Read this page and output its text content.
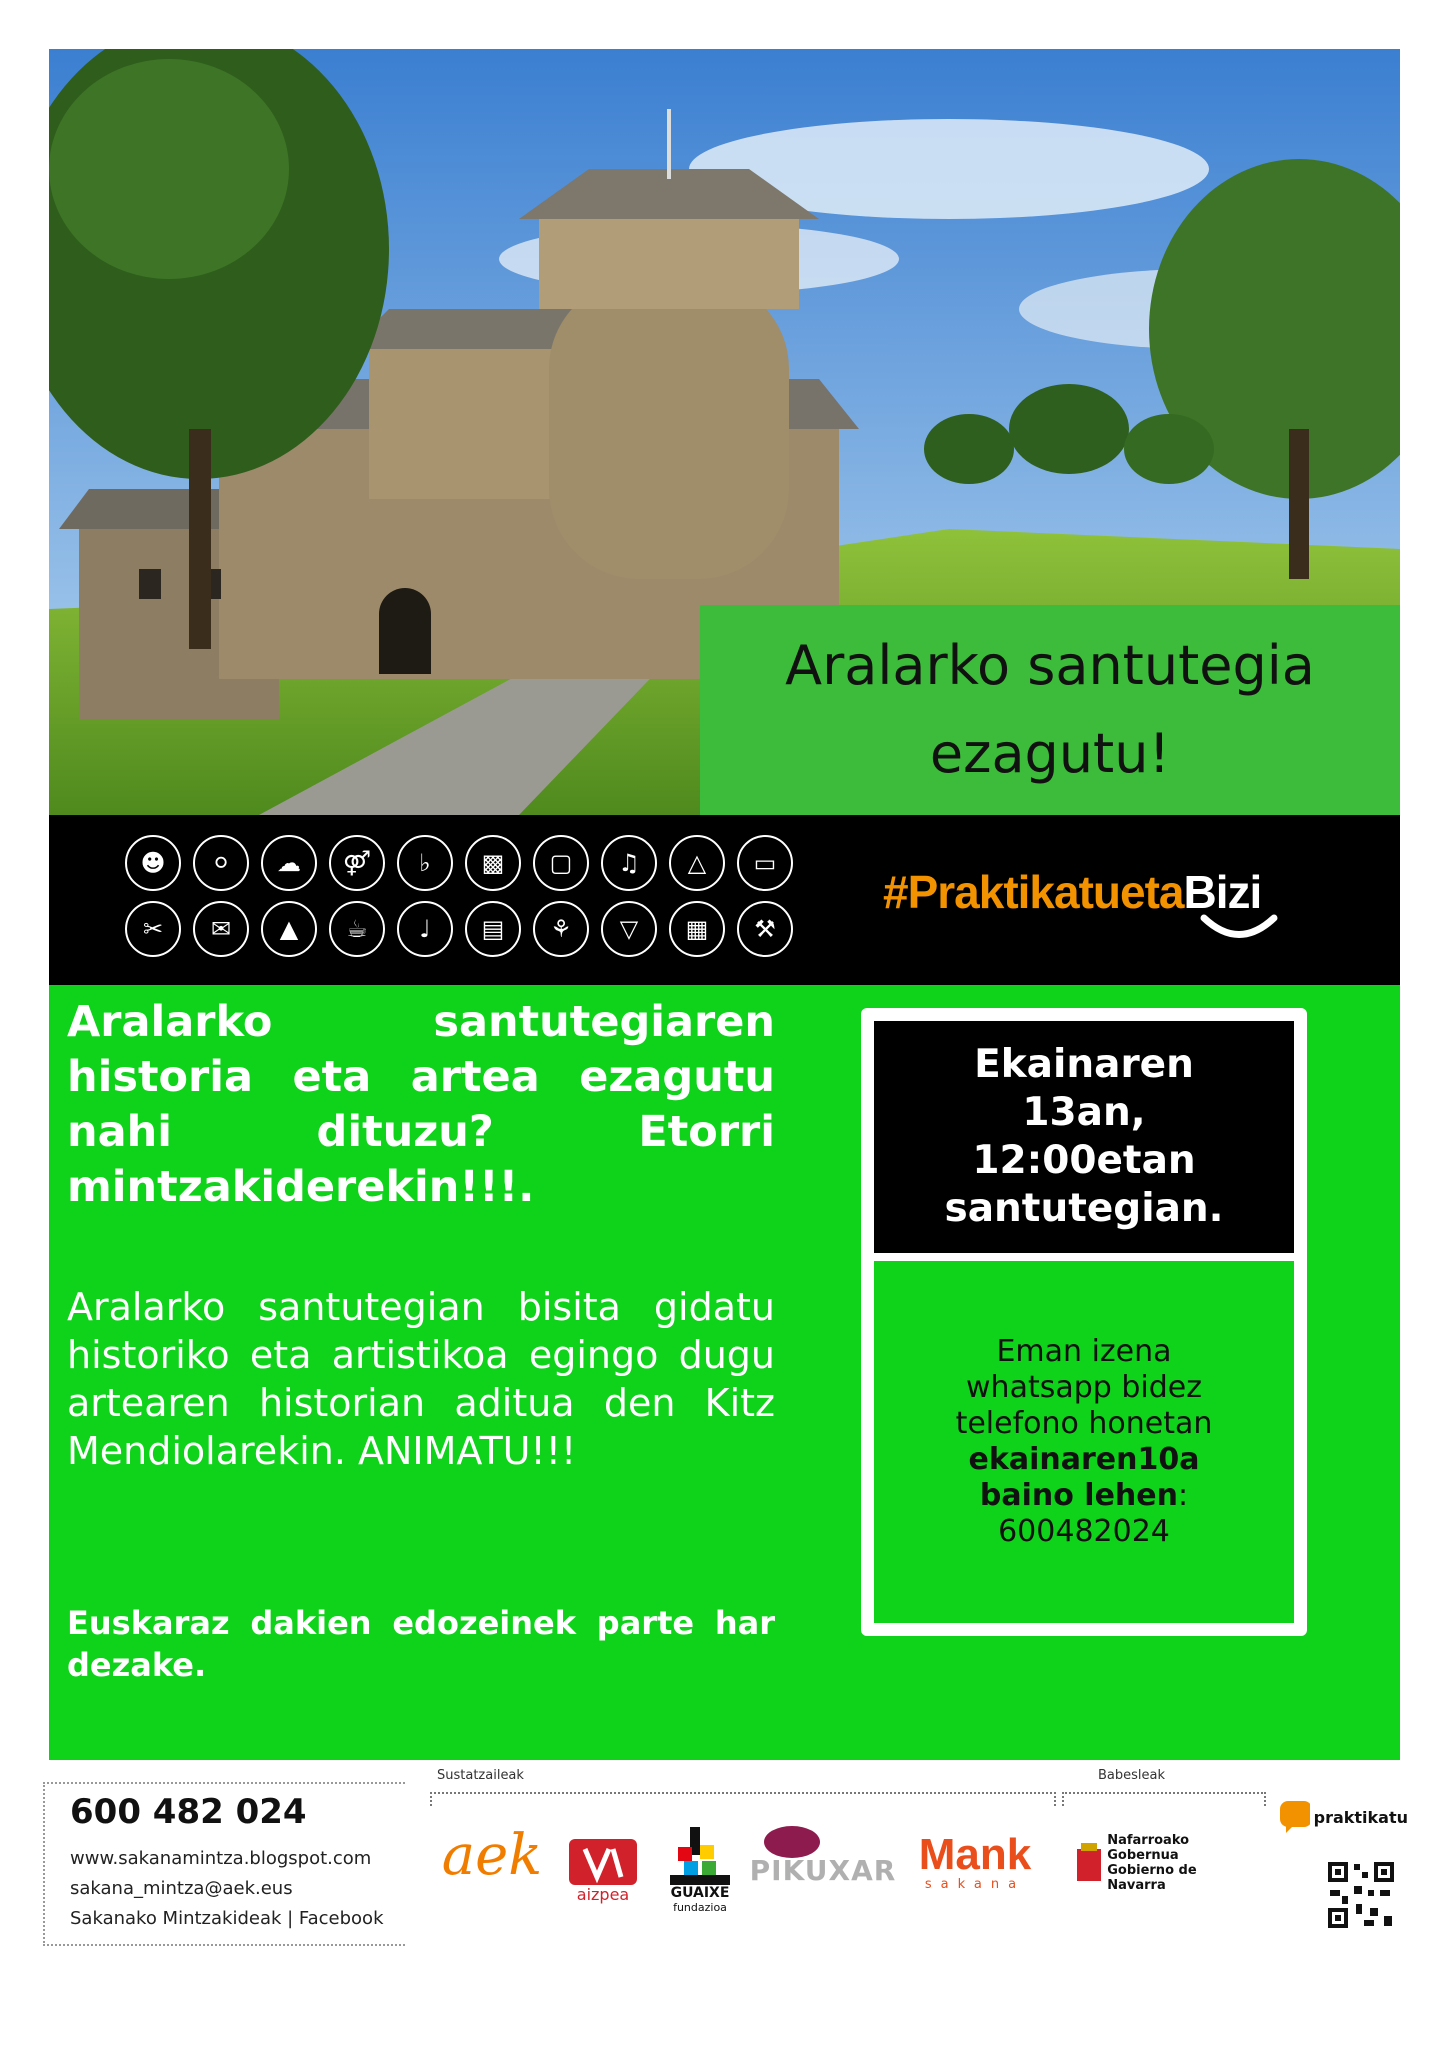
Aralarko santutegia
ezagutu!
☻	⚪	☁	⚤	♭	▩	▢	♫	△	▭
✂	✉	▲	☕	♩	▤	⚘	▽	▦	⚒
#PraktikatuetaBizi

Aralarko santutegiaren historia eta artea ezagutu nahi dituzu? Etorri mintzakiderekin!!!.

Aralarko santutegian bisita gidatu historiko eta artistikoa egingo dugu artearen historian aditua den Kitz Mendiolarekin. ANIMATU!!!

Euskaraz dakien edozeinek parte har dezake.

Ekainaren
13an,
12:00etan
santutegian.
Eman izena
whatsapp bidez
telefono honetan
ekainaren10a
baino lehen:
600482024
600 482 024
www.sakanamintza.blogspot.com
sakana_mintza@aek.eus
Sakanako Mintzakideak | Facebook
Sustatzaileak	Babesleak
aek
aizpea	GUAIXE
fundazioa
PIKUXAR Mank
sakana
Nafarroako Gobernua
Gobierno de Navarra
praktikatu
